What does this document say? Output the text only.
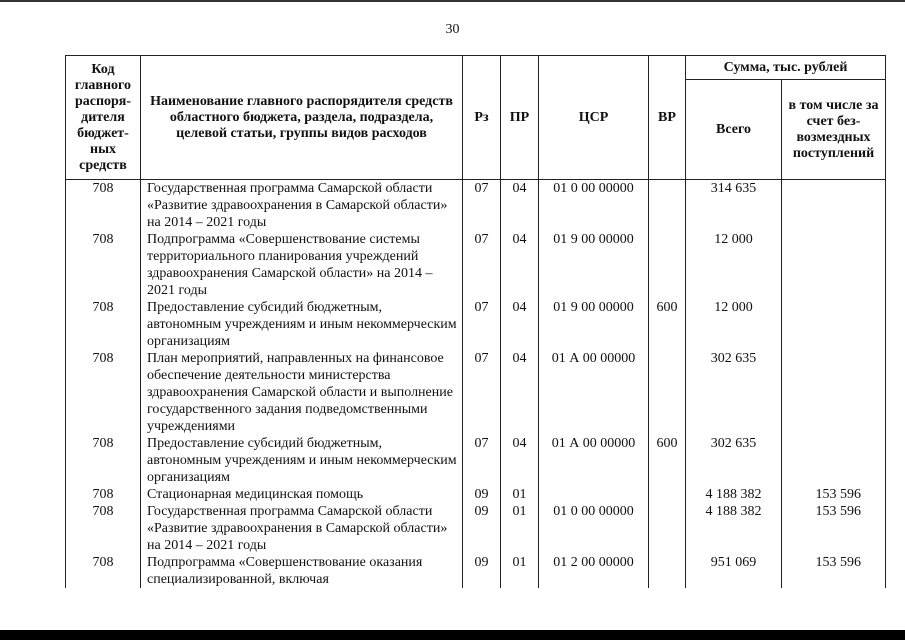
30
Код главного распоря-дителя бюджет-ных средств	Наименование главного распорядителя средств областного бюджета, раздела, подраздела, целевой статьи, группы видов расходов	Рз	ПР	ЦСР	ВР	Сумма, тыс. рублей	
						Всего	в том числе за счет без-возмездных поступлений
708	Государственная программа Самарской области «Развитие здравоохранения в Самарской области» на 2014 – 2021 годы	07	04	01 0 00 00000		314 635	
708	Подпрограмма «Совершенствование системы территориального планирования учреждений здравоохранения Самарской области» на 2014 – 2021 годы	07	04	01 9 00 00000		12 000	
708	Предоставление субсидий бюджетным, автономным учреждениям и иным некоммерческим организациям	07	04	01 9 00 00000	600	12 000	
708	План мероприятий, направленных на финансовое обеспечение деятельности министерства здравоохранения Самарской области и выполнение государственного задания подведомственными учреждениями	07	04	01 А 00 00000		302 635	
708	Предоставление субсидий бюджетным, автономным учреждениям и иным некоммерческим организациям	07	04	01 А 00 00000	600	302 635	
708	Стационарная медицинская помощь	09	01			4 188 382	153 596
708	Государственная программа Самарской области «Развитие здравоохранения в Самарской области» на 2014 – 2021 годы	09	01	01 0 00 00000		4 188 382	153 596
708	Подпрограмма «Совершенствование оказания специализированной, включая	09	01	01 2 00 00000		951 069	153 596
